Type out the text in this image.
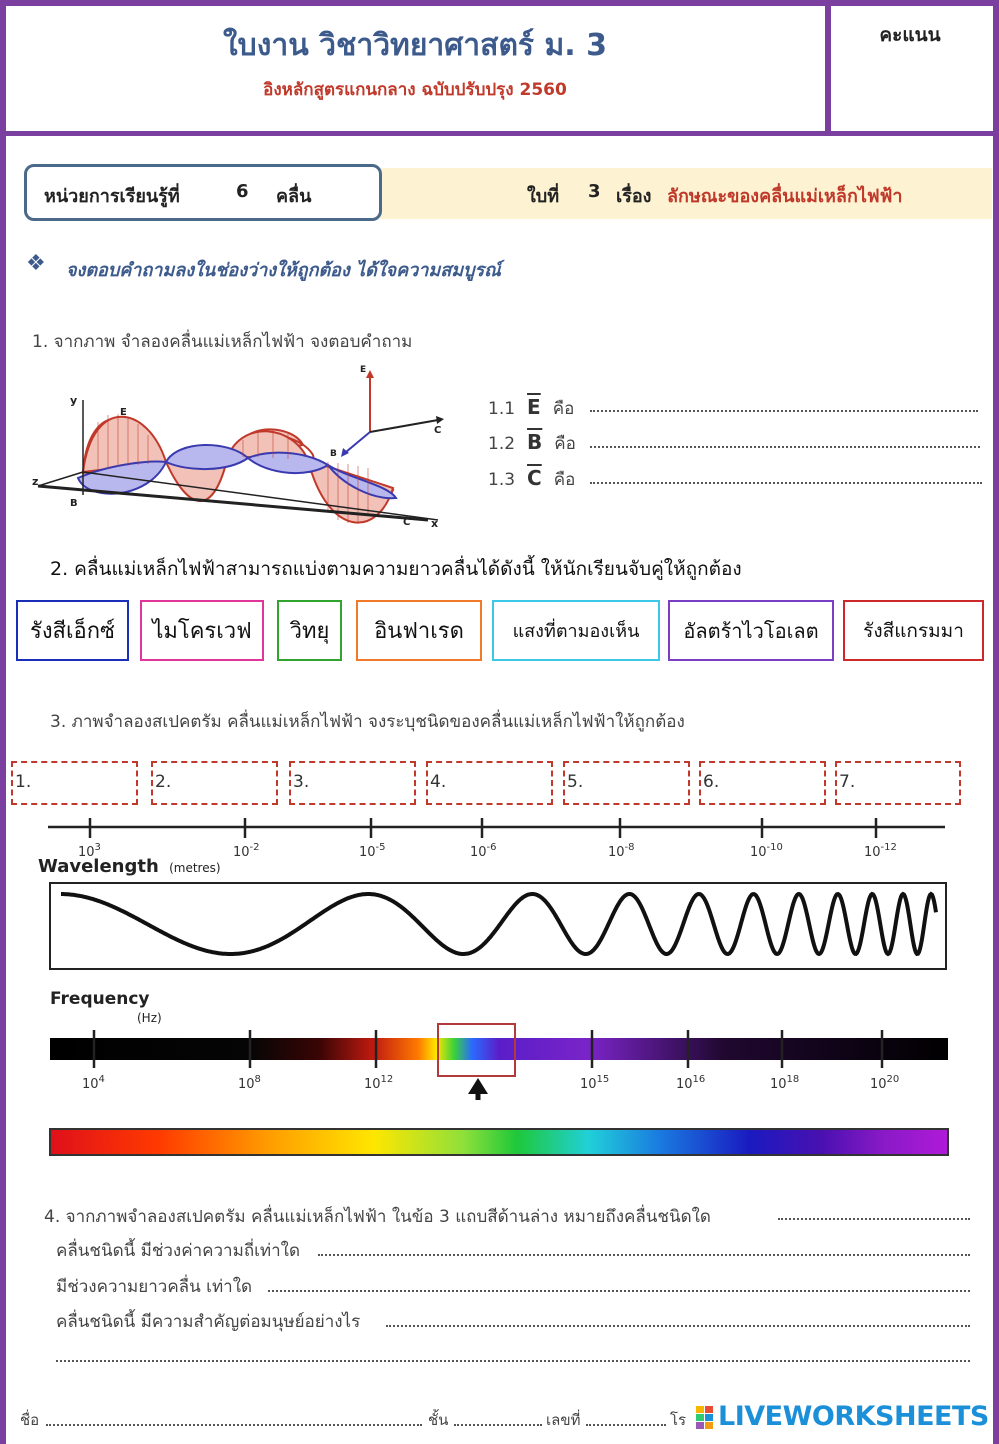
ใบงาน วิชาวิทยาศาสตร์ ม. 3
อิงหลักสูตรแกนกลาง ฉบับปรับปรุง 2560
คะแนน
หน่วยการเรียนรู้ที่	6 คลื่น	ใบที่ 3 เรื่อง ลักษณะของคลื่นแม่เหล็กไฟฟ้า
❖ จงตอบคำถามลงในช่องว่างให้ถูกต้อง ได้ใจความสมบูรณ์
1. จากภาพ จำลองคลื่นแม่เหล็กไฟฟ้า จงตอบคำถาม
y
z
x
E
B
C
E
C
B
1.1 $\overline{E}$ คือ
1.2 $\overline{B}$ คือ
1.3 $\overline{C}$ คือ
2. คลื่นแม่เหล็กไฟฟ้าสามารถแบ่งตามความยาวคลื่นได้ดังนี้ ให้นักเรียนจับคู่ให้ถูกต้อง
รังสีเอ็กซ์ ไมโครเวฟ วิทยุ อินฟาเรด	แสงที่ตามองเห็น อัลตร้าไวโอเลต รังสีแกรมมา
3. ภาพจำลองสเปคตรัม คลื่นแม่เหล็กไฟฟ้า จงระบุชนิดของคลื่นแม่เหล็กไฟฟ้าให้ถูกต้อง
1.	2.	3.	4.	5.	6.	7.
$10^3$	$10^{-2}$	$10^{-5}$	$10^{-6}$	$10^{-8}$	$10^{-10}$	$10^{-12}$
Wavelength (metres)
Frequency
(Hz)
$10^4$	$10^8$	$10^{12}$	$10^{15}$	$10^{16}$	$10^{18}$	$10^{20}$
4. จากภาพจำลองสเปคตรัม คลื่นแม่เหล็กไฟฟ้า ในข้อ 3 แถบสีด้านล่าง หมายถึงคลื่นชนิดใด
คลื่นชนิดนี้ มีช่วงค่าความถี่เท่าใด
มีช่วงความยาวคลื่น เท่าใด
คลื่นชนิดนี้ มีความสำคัญต่อมนุษย์อย่างไร
ชื่อ	ชั้น	เลขที่	โร LIVEWORKSHEETS
